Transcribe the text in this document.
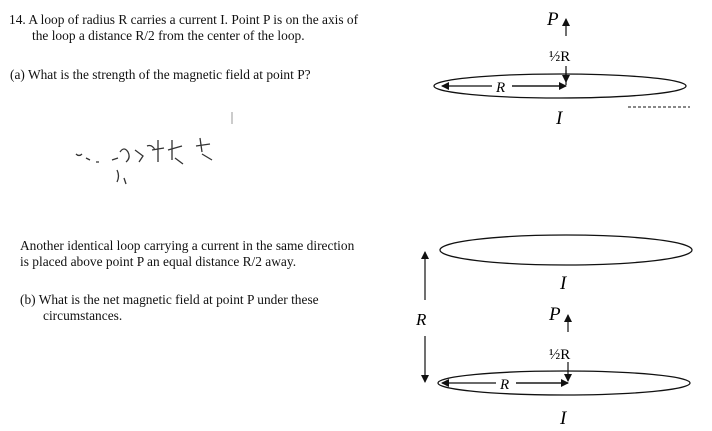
14. A loop of radius R carries a current I. Point P is on the axis of
the loop a distance R/2 from the center of the loop.
(a) What is the strength of the magnetic field at point P?
Another identical loop carrying a current in the same direction
is placed above point P an equal distance R/2 away.
(b) What is the net magnetic field at point P under these
circumstances.
P
½R
R
I
I
R	P
½R
R
I
